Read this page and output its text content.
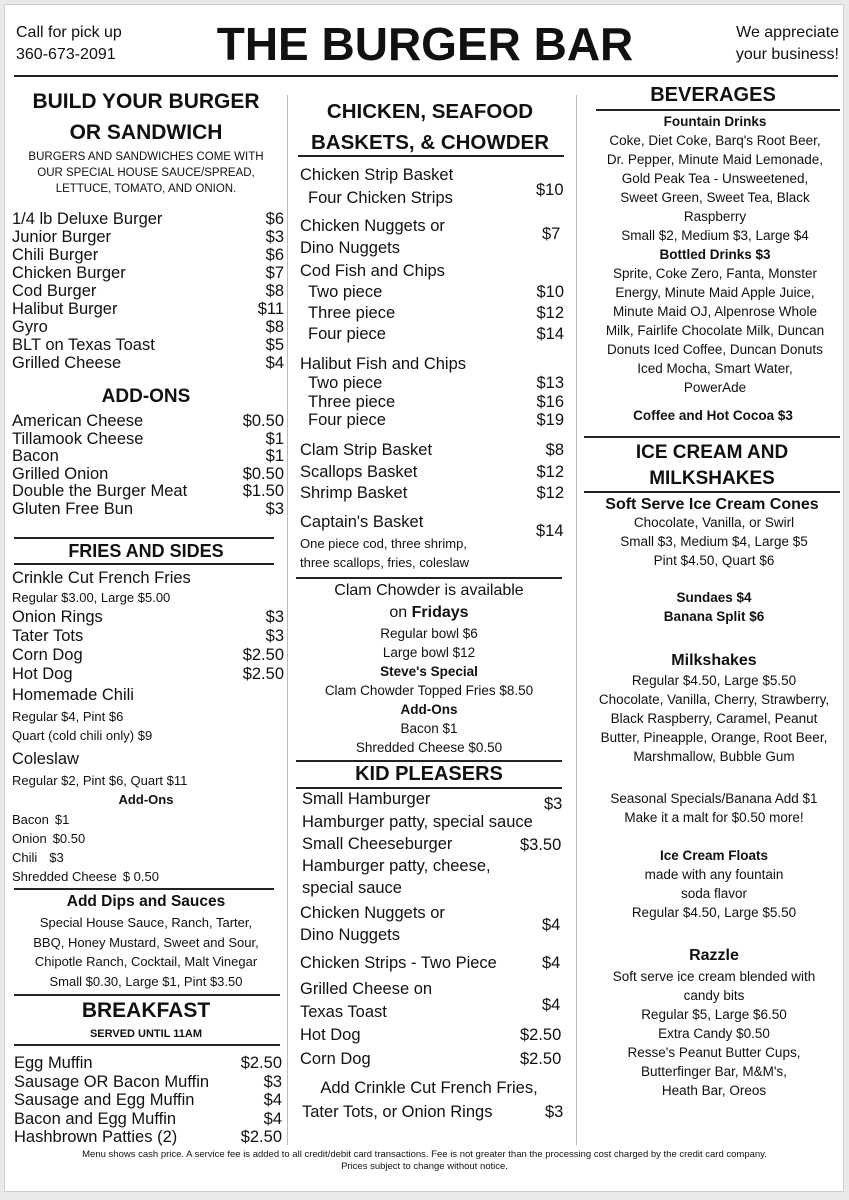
Call for pick up
360-673-2091	THE BURGER BAR	We appreciate
your business!
BUILD YOUR BURGER
OR SANDWICH
BURGERS AND SANDWICHES COME WITH
OUR SPECIAL HOUSE SAUCE/SPREAD,
LETTUCE, TOMATO, AND ONION.
1/4 lb Deluxe Burger	$6
Junior Burger	$3
Chili Burger	$6
Chicken Burger	$7
Cod Burger	$8
Halibut Burger	$11
Gyro	$8
BLT on Texas Toast	$5
Grilled Cheese	$4
ADD-ONS
American Cheese	$0.50
Tillamook Cheese	$1
Bacon	$1
Grilled Onion	$0.50
Double the Burger Meat	$1.50
Gluten Free Bun	$3
FRIES AND SIDES
Crinkle Cut French Fries
Regular $3.00, Large $5.00
Onion Rings	$3
Tater Tots	$3
Corn Dog	$2.50
Hot Dog	$2.50
Homemade Chili
Regular $4, Pint $6
Quart (cold chili only) $9
Coleslaw
Regular $2, Pint $6, Quart $11
Add-Ons
Bacon $1
Onion $0.50
Chili $3
Shredded Cheese $ 0.50
Add Dips and Sauces
Special House Sauce, Ranch, Tarter,
BBQ, Honey Mustard, Sweet and Sour,
Chipotle Ranch, Cocktail, Malt Vinegar
Small $0.30, Large $1, Pint $3.50
BREAKFAST
SERVED UNTIL 11AM
Egg Muffin	$2.50
Sausage OR Bacon Muffin	$3
Sausage and Egg Muffin	$4
Bacon and Egg Muffin	$4
Hashbrown Patties (2)	$2.50
CHICKEN, SEAFOOD
BASKETS, & CHOWDER
Chicken Strip Basket
Four Chicken Strips	$10
Chicken Nuggets or
Dino Nuggets
$7
Cod Fish and Chips
Two piece	$10
Three piece	$12
Four piece	$14
Halibut Fish and Chips
Two piece	$13
Three piece	$16
Four piece	$19
Clam Strip Basket	$8
Scallops Basket	$12
Shrimp Basket	$12
Captain's Basket
One piece cod, three shrimp,
three scallops, fries, coleslaw
$14
Clam Chowder is available
on Fridays
Regular bowl $6
Large bowl $12
Steve's Special
Clam Chowder Topped Fries $8.50
Add-Ons
Bacon $1
Shredded Cheese $0.50
KID PLEASERS
Small Hamburger	$3
Hamburger patty, special sauce
Small Cheeseburger	$3.50
Hamburger patty, cheese,
special sauce
Chicken Nuggets or
Dino Nuggets
$4
Chicken Strips - Two Piece	$4
Grilled Cheese on
Texas Toast	$4
Hot Dog	$2.50
Corn Dog	$2.50
Add Crinkle Cut French Fries,
Tater Tots, or Onion Rings	$3
BEVERAGES
Fountain Drinks
Coke, Diet Coke, Barq's Root Beer,
Dr. Pepper, Minute Maid Lemonade,
Gold Peak Tea - Unsweetened,
Sweet Green, Sweet Tea, Black
Raspberry
Small $2, Medium $3, Large $4
Bottled Drinks $3
Sprite, Coke Zero, Fanta, Monster
Energy, Minute Maid Apple Juice,
Minute Maid OJ, Alpenrose Whole
Milk, Fairlife Chocolate Milk, Duncan
Donuts Iced Coffee, Duncan Donuts
Iced Mocha, Smart Water,
PowerAde
Coffee and Hot Cocoa $3
ICE CREAM AND
MILKSHAKES
Soft Serve Ice Cream Cones
Chocolate, Vanilla, or Swirl
Small $3, Medium $4, Large $5
Pint $4.50, Quart $6
Sundaes $4
Banana Split $6
Milkshakes
Regular $4.50, Large $5.50
Chocolate, Vanilla, Cherry, Strawberry,
Black Raspberry, Caramel, Peanut
Butter, Pineapple, Orange, Root Beer,
Marshmallow, Bubble Gum
Seasonal Specials/Banana Add $1
Make it a malt for $0.50 more!
Ice Cream Floats
made with any fountain
soda flavor
Regular $4.50, Large $5.50
Razzle
Soft serve ice cream blended with
candy bits
Regular $5, Large $6.50
Extra Candy $0.50
Resse's Peanut Butter Cups,
Butterfinger Bar, M&M's,
Heath Bar, Oreos
Menu shows cash price. A service fee is added to all credit/debit card transactions. Fee is not greater than the processing cost charged by the credit card company.
Prices subject to change without notice.
